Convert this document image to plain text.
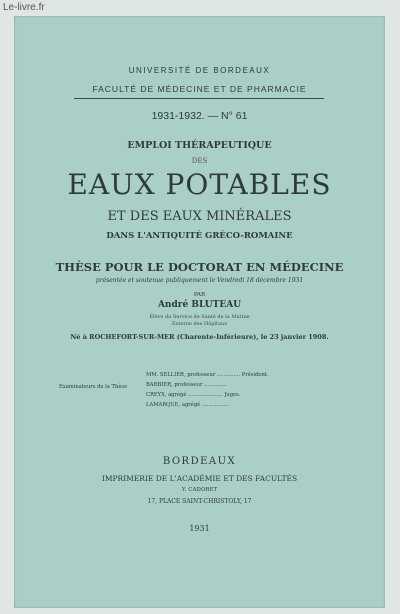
Le-livre.fr
UNIVERSITÉ DE BORDEAUX
FACULTÉ DE MÉDECINE ET DE PHARMACIE
1931-1932. — N° 61
EMPLOI THÉRAPEUTIQUE
DES
EAUX POTABLES
ET DES EAUX MINÉRALES
DANS L'ANTIQUITÉ GRÉCO-ROMAINE
THÈSE POUR LE DOCTORAT EN MÉDECINE
présentée et soutenue publiquement le Vendredi 18 décembre 1931
PAR
André BLUTEAU
Élève du Service de Santé de la Marine
Externe des Hôpitaux
Né à ROCHEFORT-SUR-MER (Charente-Inférieure), le 23 janvier 1908.
Examinateurs de la Thèse
MM. SELLIER, professeur .............. Président.
BARBIER, professeur ..............
CREYX, agrégé ..................... Juges.
LAMARQUE, agrégé ................
BORDEAUX
IMPRIMERIE DE L'ACADÉMIE ET DES FACULTÉS
Y. CADORET
17, PLACE SAINT-CHRISTOLY, 17
1931
